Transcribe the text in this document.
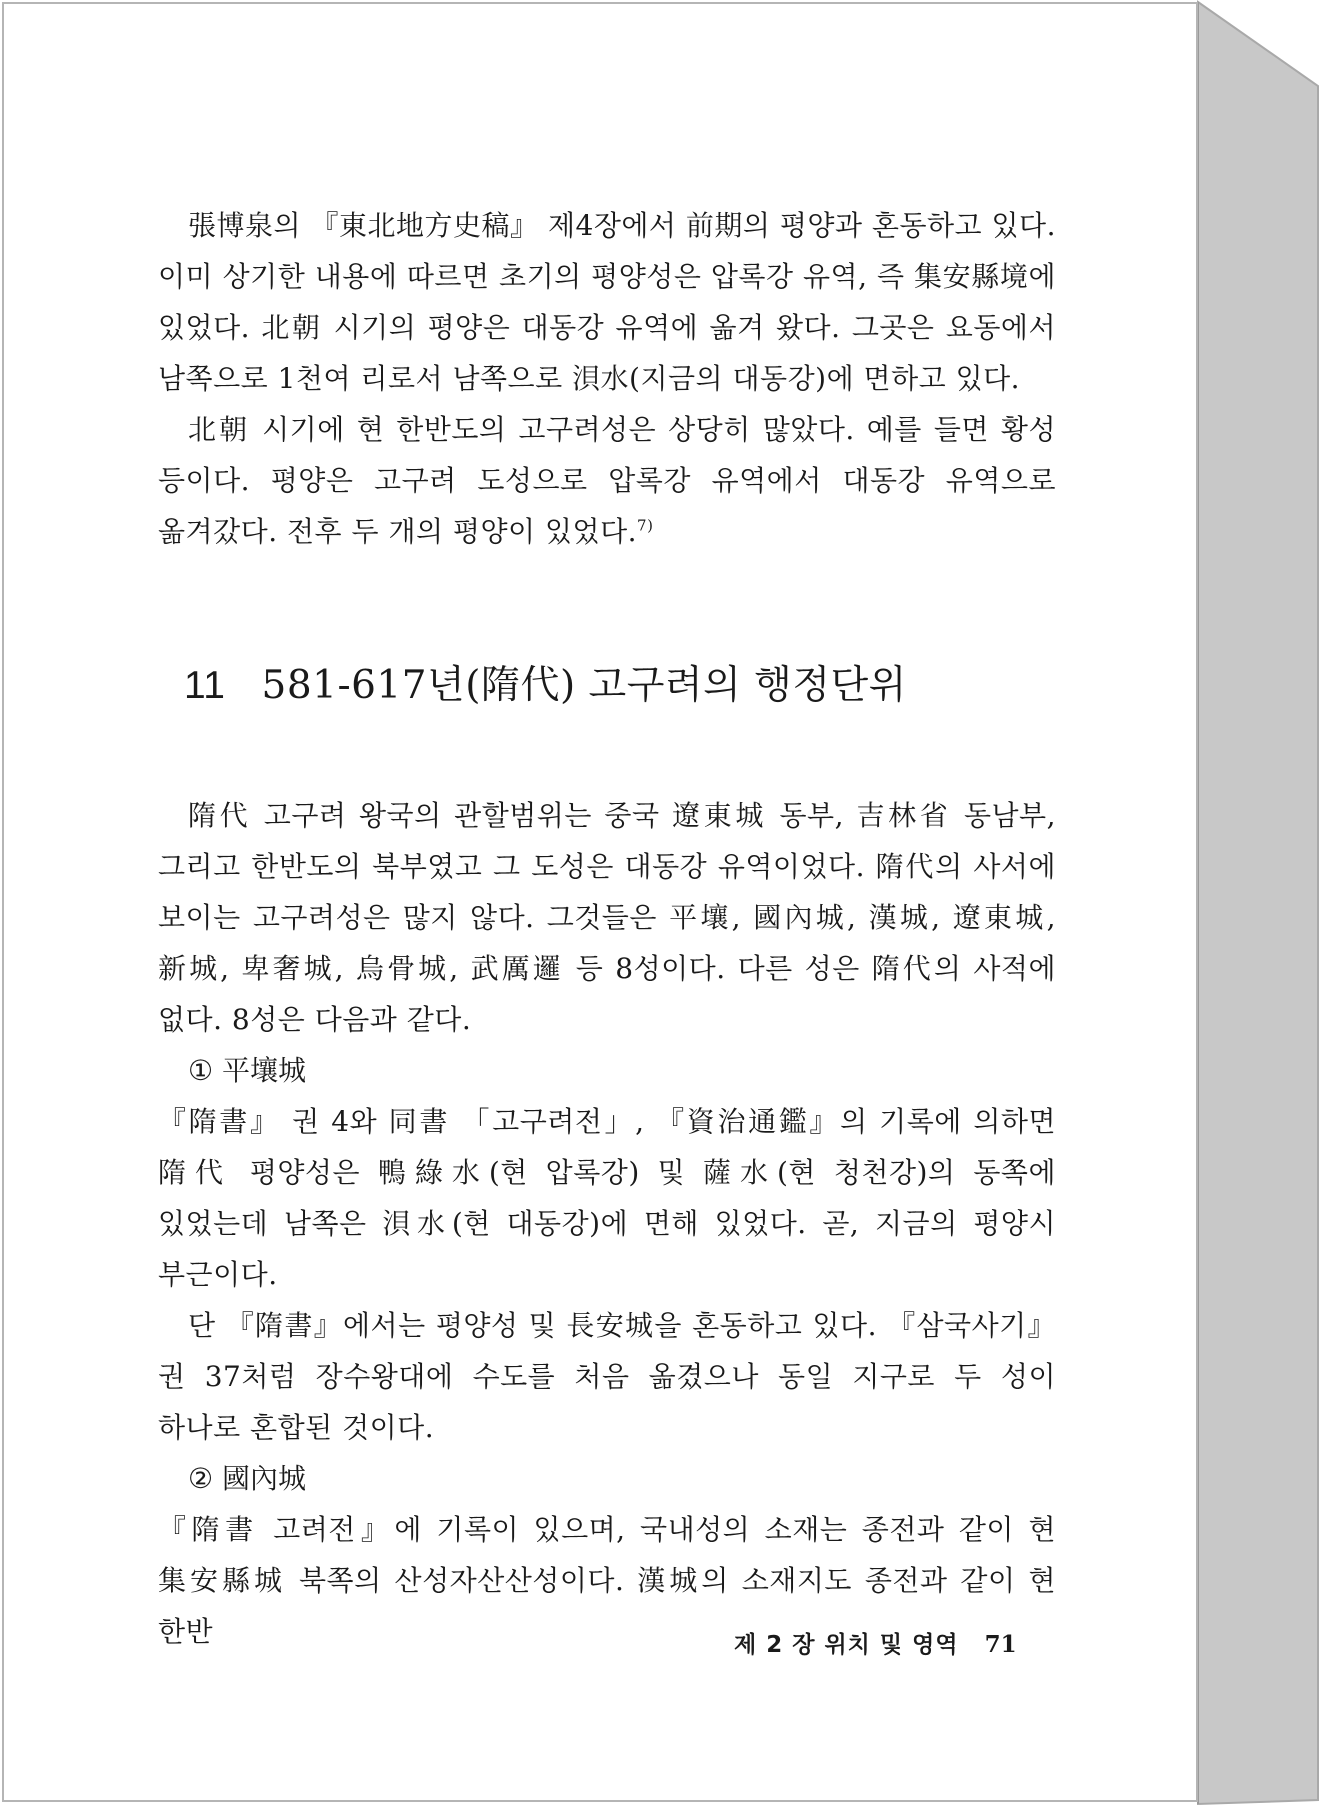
張博泉의 『東北地方史稿』 제4장에서 前期의 평양과 혼동하고 있다. 이미 상기한 내용에 따르면 초기의 평양성은 압록강 유역, 즉 集安縣境에 있었다. 北朝 시기의 평양은 대동강 유역에 옮겨 왔다. 그곳은 요동에서 남쪽으로 1천여 리로서 남쪽으로 浿水(지금의 대동강)에 면하고 있다.

北朝 시기에 현 한반도의 고구려성은 상당히 많았다. 예를 들면 황성 등이다. 평양은 고구려 도성으로 압록강 유역에서 대동강 유역으로 옮겨갔다. 전후 두 개의 평양이 있었다.$^{7)}$

11 581-617년(隋代) 고구려의 행정단위

隋代 고구려 왕국의 관할범위는 중국 遼東城 동부, 吉林省 동남부, 그리고 한반도의 북부였고 그 도성은 대동강 유역이었다. 隋代의 사서에 보이는 고구려성은 많지 않다. 그것들은 平壤, 國內城, 漢城, 遼東城, 新城, 卑奢城, 烏骨城, 武厲邏 등 8성이다. 다른 성은 隋代의 사적에 없다. 8성은 다음과 같다.

① 平壤城

『隋書』 권 4와 同書 「고구려전」, 『資治通鑑』의 기록에 의하면 隋代 평양성은 鴨綠水(현 압록강) 및 薩水(현 청천강)의 동쪽에 있었는데 남쪽은 浿水(현 대동강)에 면해 있었다. 곧, 지금의 평양시 부근이다.

단 『隋書』에서는 평양성 및 長安城을 혼동하고 있다. 『삼국사기』 권 37처럼 장수왕대에 수도를 처음 옮겼으나 동일 지구로 두 성이 하나로 혼합된 것이다.

② 國內城

『隋書 고려전』에 기록이 있으며, 국내성의 소재는 종전과 같이 현 集安縣城 북쪽의 산성자산산성이다. 漢城의 소재지도 종전과 같이 현 한반	제 2 장 위치 및 영역 71
